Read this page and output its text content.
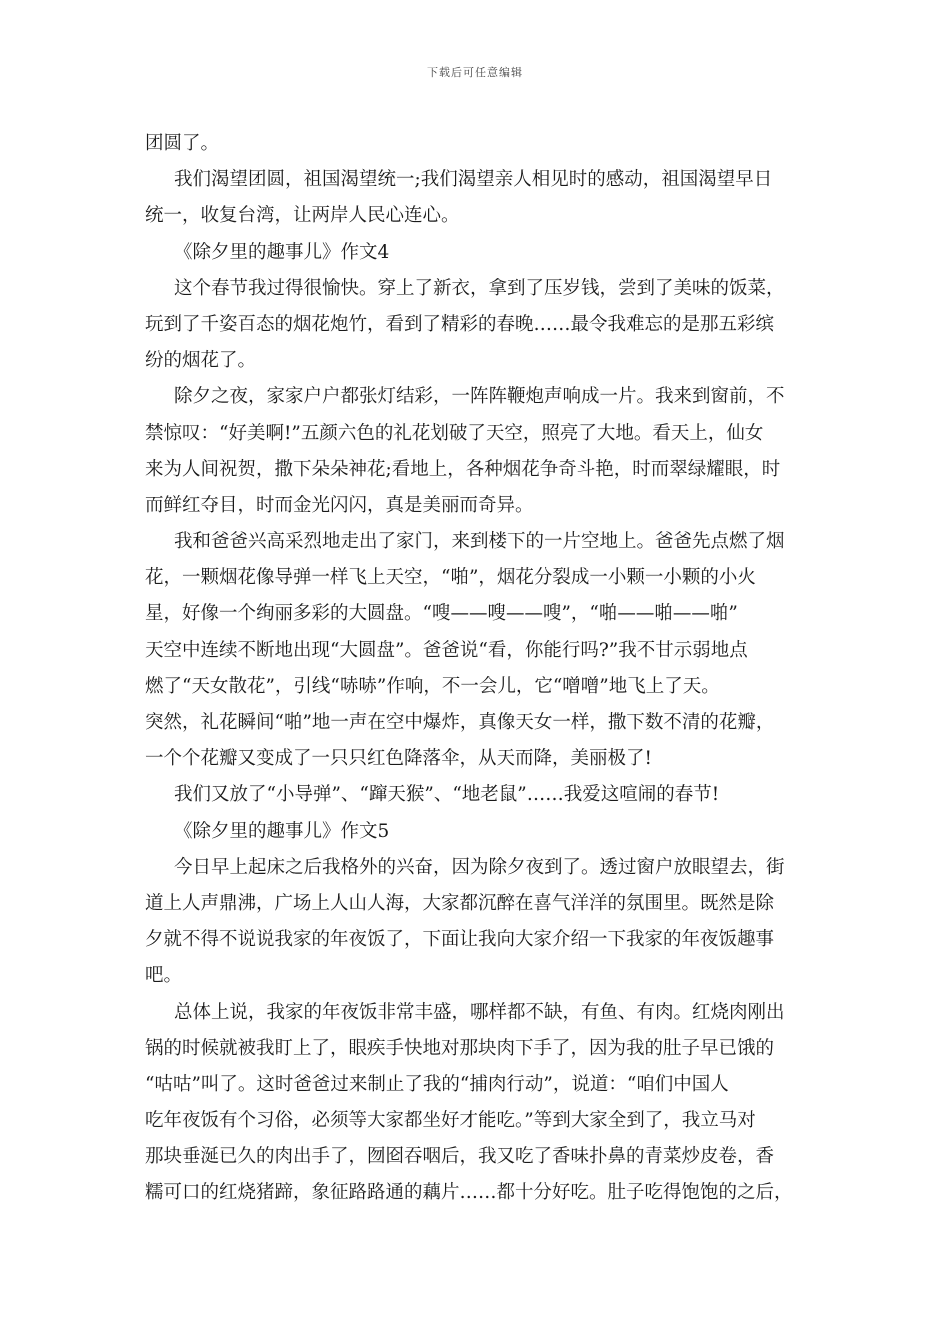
下载后可任意编辑
团圆了。
我们渴望团圆，祖国渴望统一;我们渴望亲人相见时的感动，祖国渴望早日
统一，收复台湾，让两岸人民心连心。
《除夕里的趣事儿》作文4
这个春节我过得很愉快。穿上了新衣，拿到了压岁钱，尝到了美味的饭菜，
玩到了千姿百态的烟花炮竹，看到了精彩的春晚……最令我难忘的是那五彩缤
纷的烟花了。
除夕之夜，家家户户都张灯结彩，一阵阵鞭炮声响成一片。我来到窗前，不
禁惊叹：“好美啊!”五颜六色的礼花划破了天空，照亮了大地。看天上，仙女
来为人间祝贺，撒下朵朵神花;看地上，各种烟花争奇斗艳，时而翠绿耀眼，时
而鲜红夺目，时而金光闪闪，真是美丽而奇异。
我和爸爸兴高采烈地走出了家门，来到楼下的一片空地上。爸爸先点燃了烟
花，一颗烟花像导弹一样飞上天空，“啪”，烟花分裂成一小颗一小颗的小火
星，好像一个绚丽多彩的大圆盘。“嗖——嗖——嗖”，“啪——啪——啪”
天空中连续不断地出现“大圆盘”。爸爸说“看，你能行吗?”我不甘示弱地点
燃了“天女散花”，引线“哧哧”作响，不一会儿，它“噌噌”地飞上了天。
突然，礼花瞬间“啪”地一声在空中爆炸，真像天女一样，撒下数不清的花瓣，
一个个花瓣又变成了一只只红色降落伞，从天而降，美丽极了!
我们又放了“小导弹”、“蹿天猴”、“地老鼠”……我爱这喧闹的春节!
《除夕里的趣事儿》作文5
今日早上起床之后我格外的兴奋，因为除夕夜到了。透过窗户放眼望去，街
道上人声鼎沸，广场上人山人海，大家都沉醉在喜气洋洋的氛围里。既然是除
夕就不得不说说我家的年夜饭了，下面让我向大家介绍一下我家的年夜饭趣事
吧。
总体上说，我家的年夜饭非常丰盛，哪样都不缺，有鱼、有肉。红烧肉刚出
锅的时候就被我盯上了，眼疾手快地对那块肉下手了，因为我的肚子早已饿的
“咕咕”叫了。这时爸爸过来制止了我的“捕肉行动”，说道：“咱们中国人
吃年夜饭有个习俗，必须等大家都坐好才能吃。”等到大家全到了，我立马对
那块垂涎已久的肉出手了，囫囵吞咽后，我又吃了香味扑鼻的青菜炒皮卷，香
糯可口的红烧猪蹄，象征路路通的藕片……都十分好吃。肚子吃得饱饱的之后，
